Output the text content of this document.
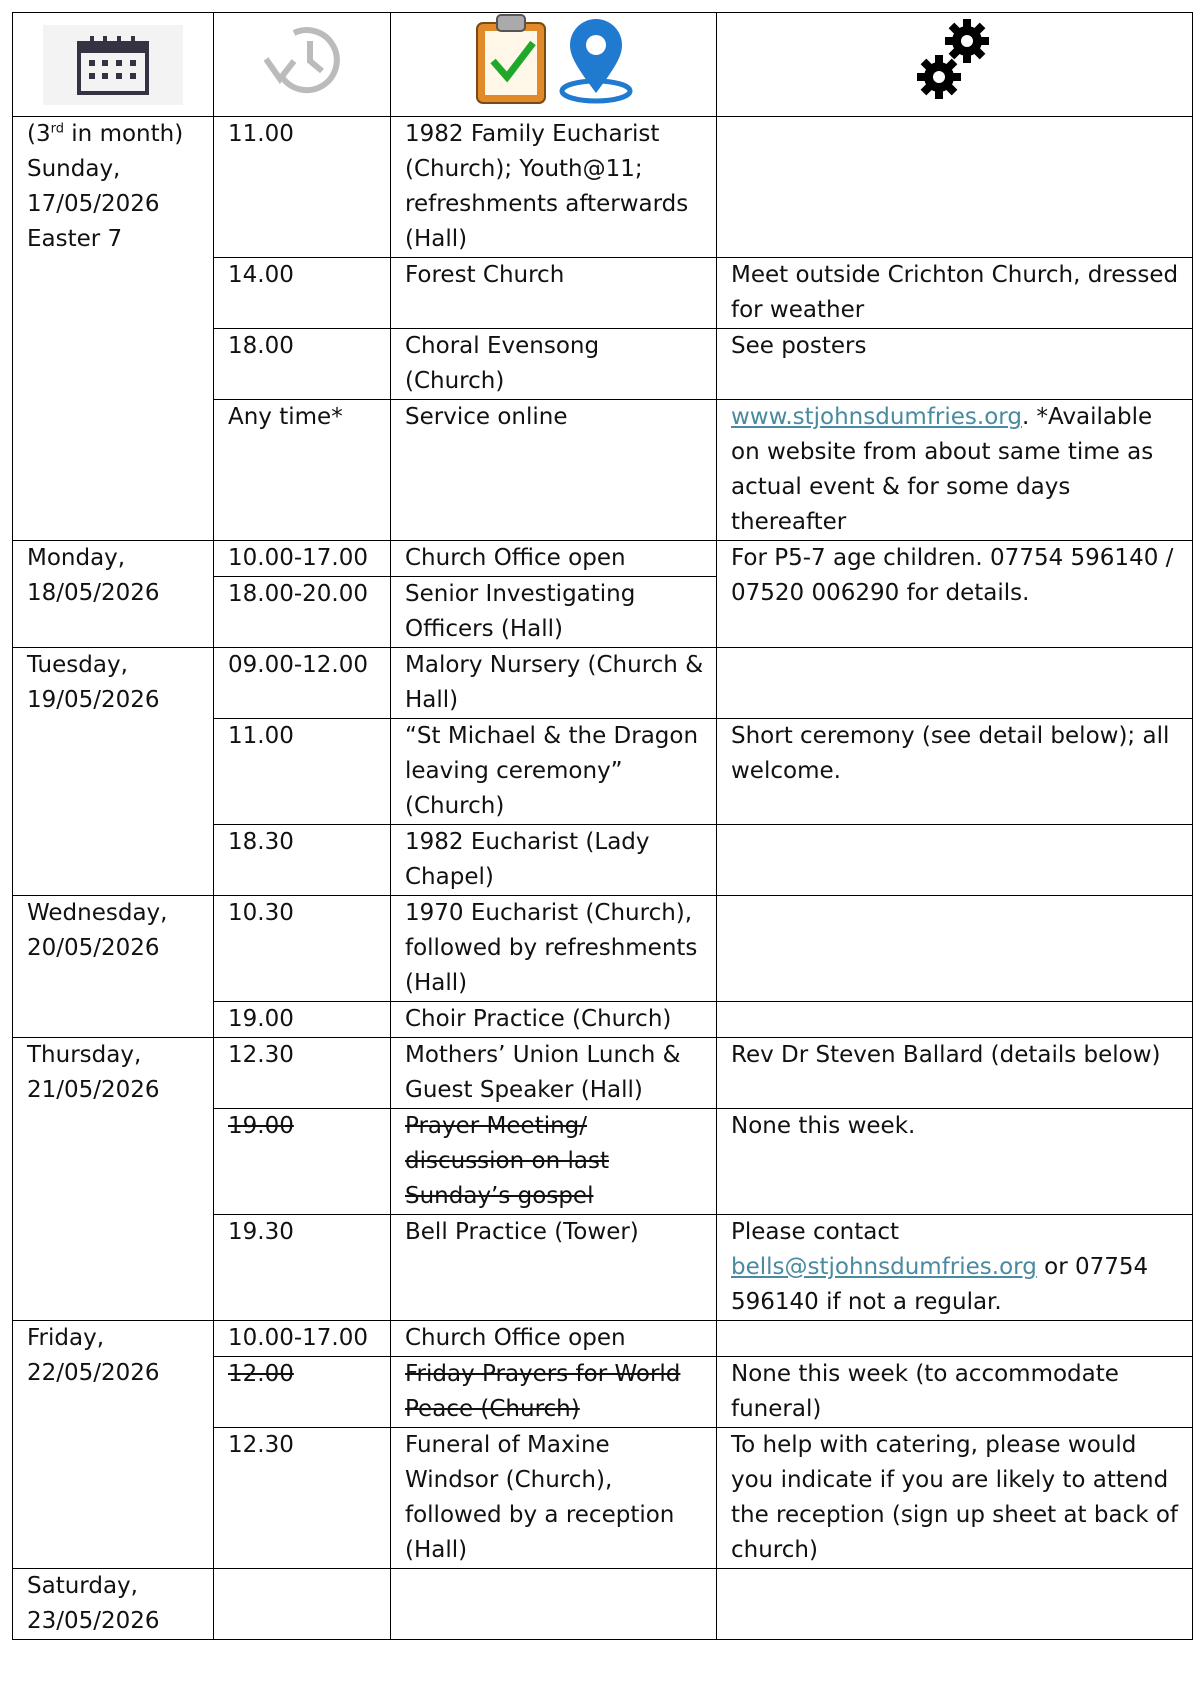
(3rd in month)
Sunday,
17/05/2026
Easter 7	11.00	1982 Family Eucharist (Church); Youth@11; refreshments afterwards (Hall)	
	14.00	Forest Church	Meet outside Crichton Church, dressed for weather
	18.00	Choral Evensong (Church)	See posters
	Any time*	Service online	www.stjohnsdumfries.org. *Available on website from about same time as actual event & for some days thereafter

Monday,
18/05/2026	10.00-17.00	Church Office open	For P5-7 age children. 07754 596140 / 07520 006290 for details.
	18.00-20.00	Senior Investigating Officers (Hall)	

Tuesday,
19/05/2026	09.00-12.00	Malory Nursery (Church & Hall)	
	11.00	“St Michael & the Dragon leaving ceremony” (Church)	Short ceremony (see detail below); all welcome.
	18.30	1982 Eucharist (Lady Chapel)	

Wednesday,
20/05/2026	10.30	1970 Eucharist (Church), followed by refreshments (Hall)	
	19.00	Choir Practice (Church)	

Thursday,
21/05/2026	12.30	Mothers’ Union Lunch & Guest Speaker (Hall)	Rev Dr Steven Ballard (details below)
	19.00	Prayer Meeting/ discussion on last Sunday’s gospel	None this week.
	19.30	Bell Practice (Tower)	Please contact bells@stjohnsdumfries.org or 07754 596140 if not a regular.

Friday,
22/05/2026	10.00-17.00	Church Office open	
	12.00	Friday Prayers for World Peace (Church)	None this week (to accommodate funeral)
	12.30	Funeral of Maxine Windsor (Church), followed by a reception (Hall)	To help with catering, please would you indicate if you are likely to attend the reception (sign up sheet at back of church)

Saturday,
23/05/2026			
